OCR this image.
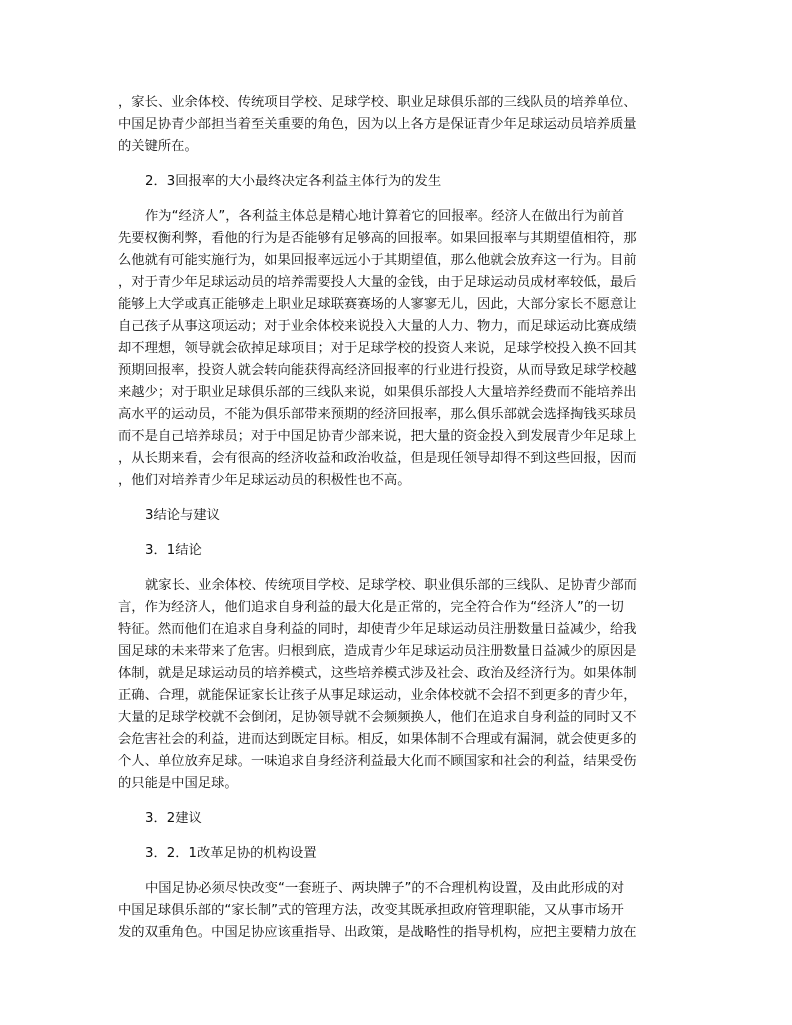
，家长、业余体校、传统项目学校、足球学校、职业足球俱乐部的三线队员的培养单位、
中国足协青少部担当着至关重要的角色，因为以上各方是保证青少年足球运动员培养质量
的关键所在。
2．3回报率的大小最终决定各利益主体行为的发生
作为“经济人”，各利益主体总是精心地计算着它的回报率。经济人在做出行为前首
先要权衡利弊，看他的行为是否能够有足够高的回报率。如果回报率与其期望值相符，那
么他就有可能实施行为，如果回报率远远小于其期望值，那么他就会放弃这一行为。目前
，对于青少年足球运动员的培养需要投人大量的金钱，由于足球运动员成材率较低，最后
能够上大学或真正能够走上职业足球联赛赛场的人寥寥无儿，因此，大部分家长不愿意让
自己孩子从事这项运动；对于业余体校来说投入大量的人力、物力，而足球运动比赛成绩
却不理想，领导就会砍掉足球项目；对于足球学校的投资人来说，足球学校投入换不回其
预期回报率，投资人就会转向能获得高经济回报率的行业进行投资，从而导致足球学校越
来越少；对于职业足球俱乐部的三线队来说，如果俱乐部投人大量培养经费而不能培养出
高水平的运动员，不能为俱乐部带来预期的经济回报率，那么俱乐部就会选择掏钱买球员
而不是自己培养球员；对于中国足协青少部来说，把大量的资金投入到发展青少年足球上
，从长期来看，会有很高的经济收益和政治收益，但是现任领导却得不到这些回报，因而
，他们对培养青少年足球运动员的积极性也不高。
3结论与建议
3．1结论
就家长、业余体校、传统项目学校、足球学校、职业俱乐部的三线队、足协青少部而
言，作为经济人，他们追求自身利益的最大化是正常的，完全符合作为“经济人”的一切
特征。然而他们在追求自身利益的同时，却使青少年足球运动员注册数量日益减少，给我
国足球的未来带来了危害。归根到底，造成青少年足球运动员注册数量日益减少的原因是
体制，就是足球运动员的培养模式，这些培养模式涉及社会、政治及经济行为。如果体制
正确、合理，就能保证家长让孩子从事足球运动，业余体校就不会招不到更多的青少年，
大量的足球学校就不会倒闭，足协领导就不会频频换人，他们在追求自身利益的同时又不
会危害社会的利益，进而达到既定目标。相反，如果体制不合理或有漏洞，就会使更多的
个人、单位放弃足球。一味追求自身经济利益最大化而不顾国家和社会的利益，结果受伤
的只能是中国足球。
3．2建议
3．2．1改革足协的机构设置
中国足协必须尽快改变“一套班子、两块牌子”的不合理机构设置，及由此形成的对
中国足球俱乐部的“家长制”式的管理方法，改变其既承担政府管理职能，又从事市场开
发的双重角色。中国足协应该重指导、出政策，是战略性的指导机构，应把主要精力放在
